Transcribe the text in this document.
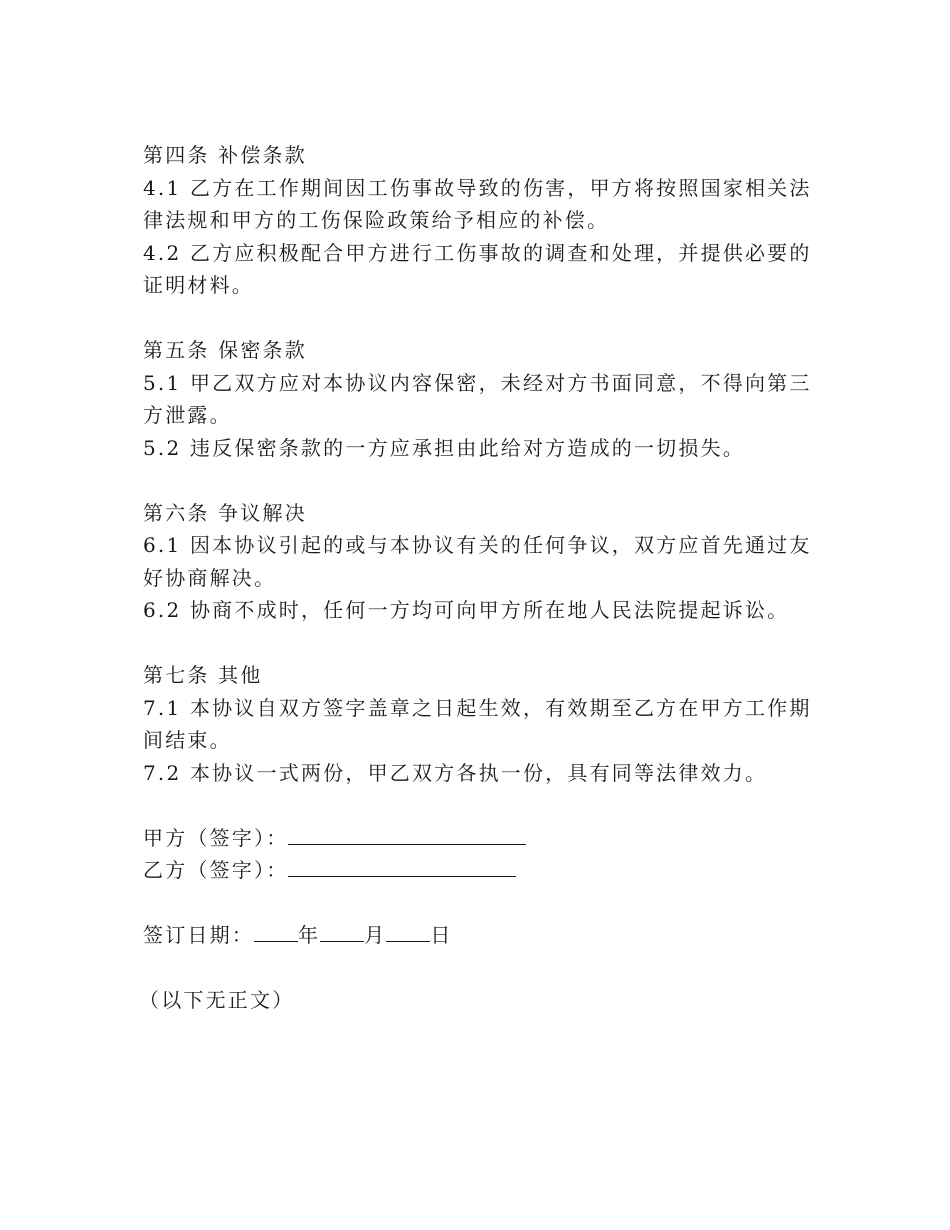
第四条 补偿条款
4.1 乙方在工作期间因工伤事故导致的伤害，甲方将按照国家相关法
律法规和甲方的工伤保险政策给予相应的补偿。
4.2 乙方应积极配合甲方进行工伤事故的调查和处理，并提供必要的
证明材料。
第五条 保密条款
5.1 甲乙双方应对本协议内容保密，未经对方书面同意，不得向第三
方泄露。
5.2 违反保密条款的一方应承担由此给对方造成的一切损失。
第六条 争议解决
6.1 因本协议引起的或与本协议有关的任何争议，双方应首先通过友
好协商解决。
6.2 协商不成时，任何一方均可向甲方所在地人民法院提起诉讼。
第七条 其他
7.1 本协议自双方签字盖章之日起生效，有效期至乙方在甲方工作期
间结束。
7.2 本协议一式两份，甲乙双方各执一份，具有同等法律效力。
甲方（签字）：
乙方（签字）：
签订日期： 年 月 日
（以下无正文）
